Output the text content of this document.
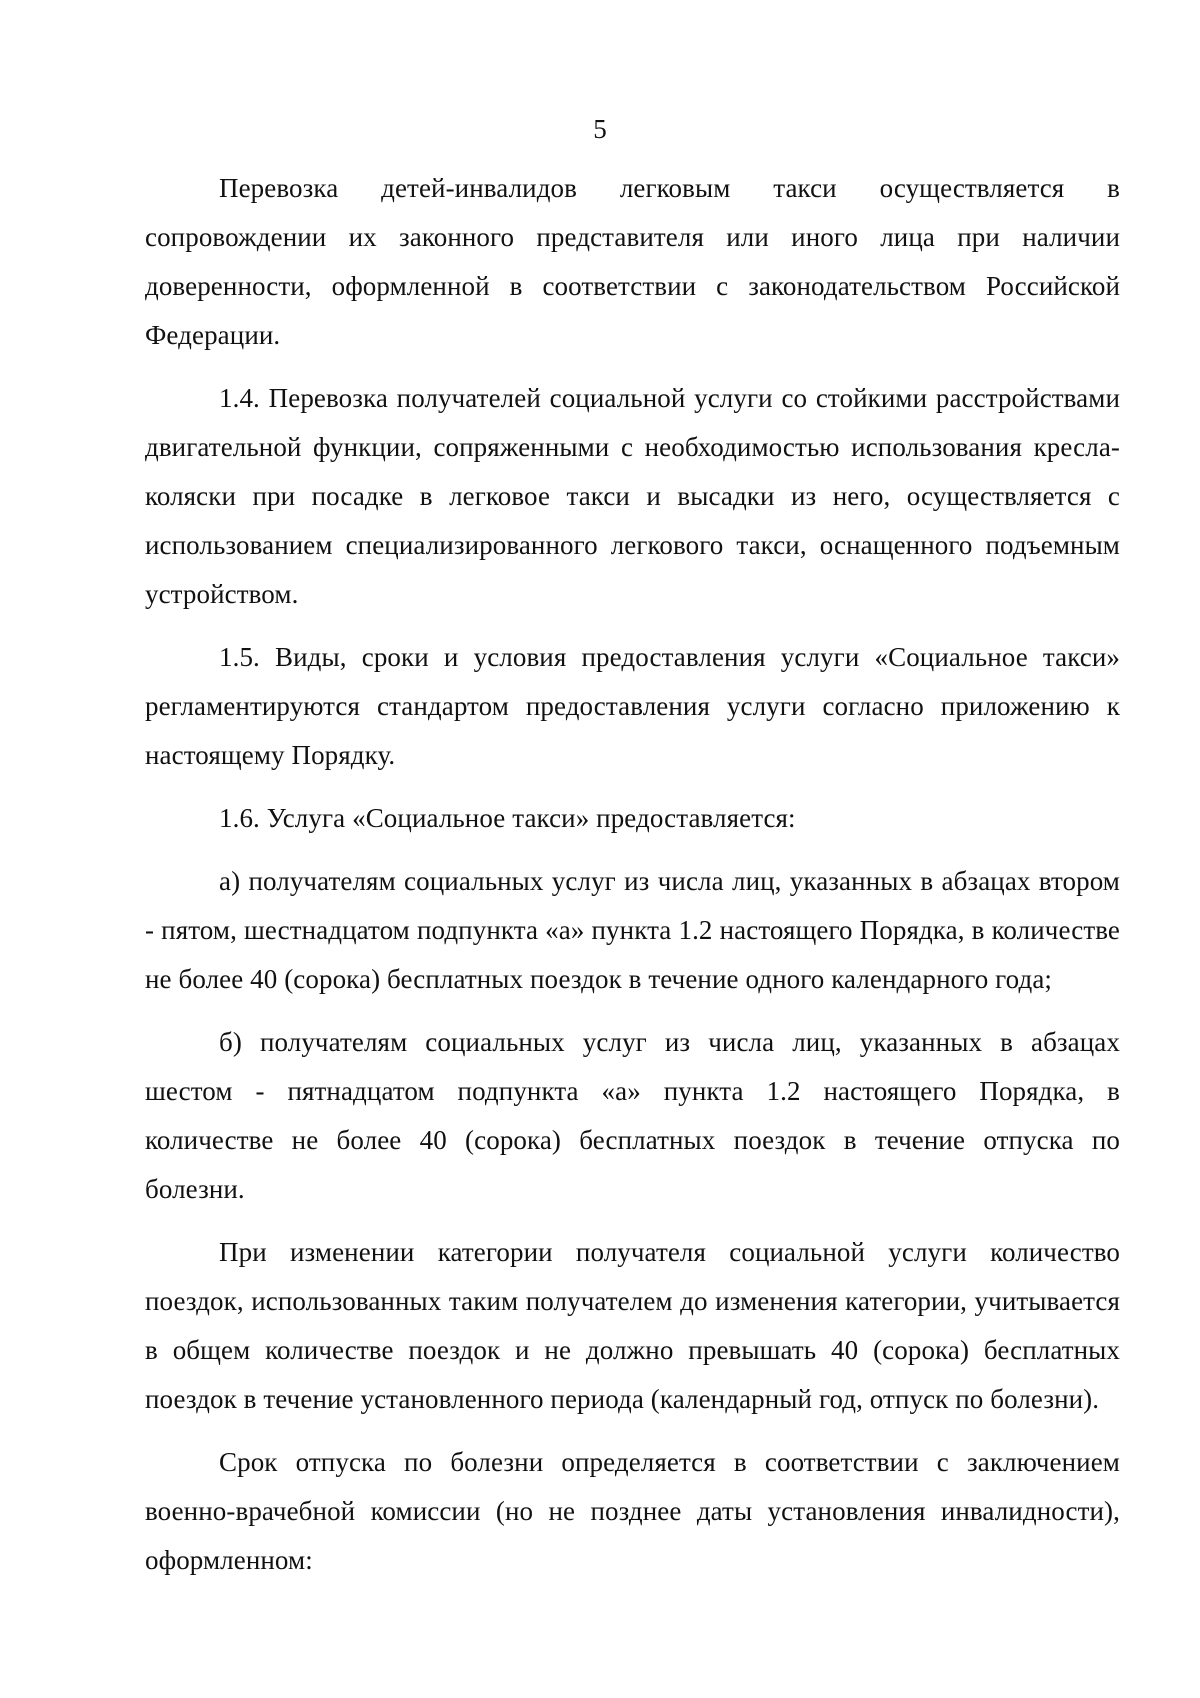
5

Перевозка детей-инвалидов легковым такси осуществляется в сопровождении их законного представителя или иного лица при наличии доверенности, оформленной в соответствии с законодательством Российской Федерации.

1.4. Перевозка получателей социальной услуги со стойкими расстройствами двигательной функции, сопряженными с необходимостью использования кресла-коляски при посадке в легковое такси и высадки из него, осуществляется с использованием специализированного легкового такси, оснащенного подъемным устройством.

1.5. Виды, сроки и условия предоставления услуги «Социальное такси» регламентируются стандартом предоставления услуги согласно приложению к настоящему Порядку.

1.6. Услуга «Социальное такси» предоставляется:

а) получателям социальных услуг из числа лиц, указанных в абзацах втором - пятом, шестнадцатом подпункта «а» пункта 1.2 настоящего Порядка, в количестве не более 40 (сорока) бесплатных поездок в течение одного календарного года;

б) получателям социальных услуг из числа лиц, указанных в абзацах шестом - пятнадцатом подпункта «а» пункта 1.2 настоящего Порядка, в количестве не более 40 (сорока) бесплатных поездок в течение отпуска по болезни.

При изменении категории получателя социальной услуги количество поездок, использованных таким получателем до изменения категории, учитывается в общем количестве поездок и не должно превышать 40 (сорока) бесплатных поездок в течение установленного периода (календарный год, отпуск по болезни).

Срок отпуска по болезни определяется в соответствии с заключением военно-врачебной комиссии (но не позднее даты установления инвалидности), оформленном:
